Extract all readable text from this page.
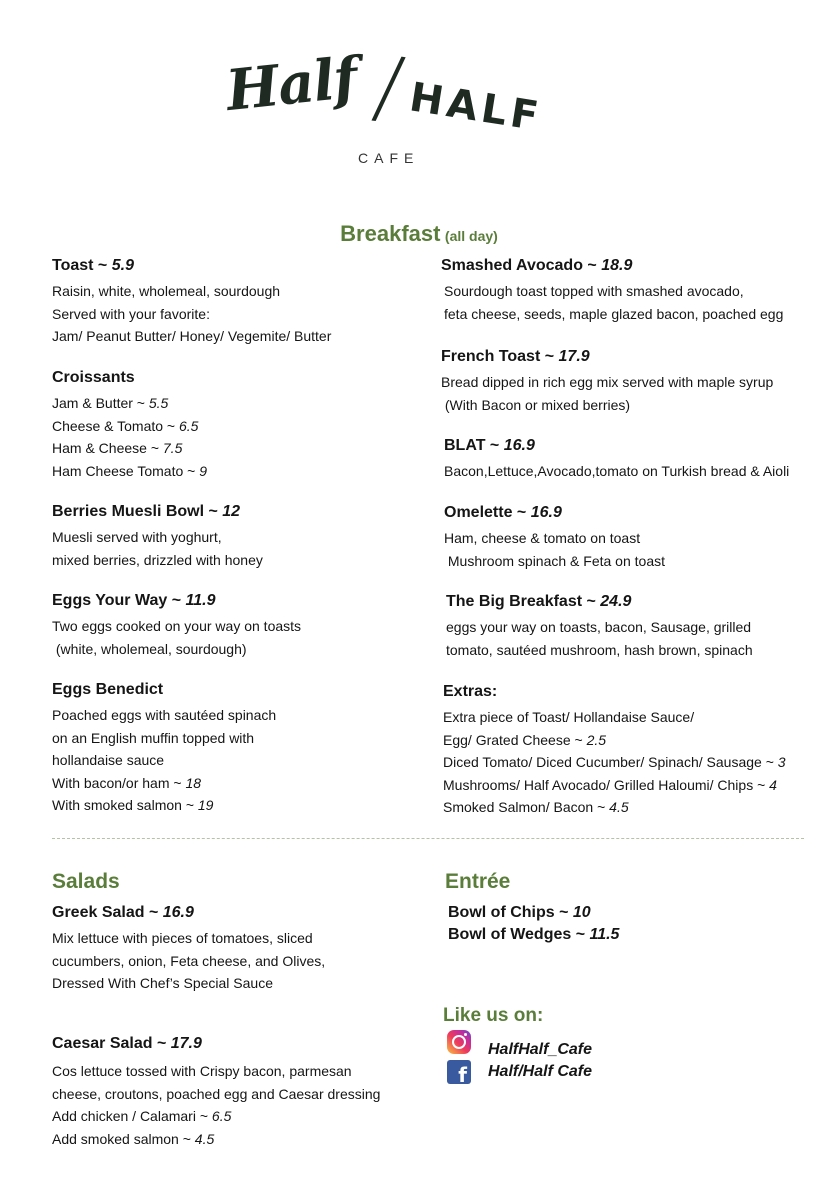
Half /
HALF
CAFE
Breakfast (all day)

Toast ~ 5.9

Raisin, white, wholemeal, sourdough

Served with your favorite:

Jam/ Peanut Butter/ Honey/ Vegemite/ Butter

Croissants

Jam & Butter ~ 5.5

Cheese & Tomato ~ 6.5

Ham & Cheese ~ 7.5

Ham Cheese Tomato ~ 9

Berries Muesli Bowl ~ 12

Muesli served with yoghurt,

mixed berries, drizzled with honey

Eggs Your Way ~ 11.9

Two eggs cooked on your way on toasts

(white, wholemeal, sourdough)

Eggs Benedict

Poached eggs with sautéed spinach

on an English muffin topped with

hollandaise sauce

With bacon/or ham ~ 18

With smoked salmon ~ 19

Smashed Avocado ~ 18.9

Sourdough toast topped with smashed avocado,

feta cheese, seeds, maple glazed bacon, poached egg

French Toast ~ 17.9

Bread dipped in rich egg mix served with maple syrup

(With Bacon or mixed berries)

BLAT ~ 16.9

Bacon,Lettuce,Avocado,tomato on Turkish bread & Aioli

Omelette ~ 16.9

Ham, cheese & tomato on toast

Mushroom spinach & Feta on toast

The Big Breakfast ~ 24.9

eggs your way on toasts, bacon, Sausage, grilled

tomato, sautéed mushroom, hash brown, spinach

Extras:

Extra piece of Toast/ Hollandaise Sauce/

Egg/ Grated Cheese ~ 2.5

Diced Tomato/ Diced Cucumber/ Spinach/ Sausage ~ 3

Mushrooms/ Half Avocado/ Grilled Haloumi/ Chips ~ 4

Smoked Salmon/ Bacon ~ 4.5

Salads

Greek Salad ~ 16.9

Mix lettuce with pieces of tomatoes, sliced

cucumbers, onion, Feta cheese, and Olives,

Dressed With Chef’s Special Sauce

Caesar Salad ~ 17.9

Cos lettuce tossed with Crispy bacon, parmesan

cheese, croutons, poached egg and Caesar dressing

Add chicken / Calamari ~ 6.5

Add smoked salmon ~ 4.5

Entrée

Bowl of Chips ~ 10

Bowl of Wedges ~ 11.5

Like us on:
HalfHalf_Cafe
f Half/Half Cafe
